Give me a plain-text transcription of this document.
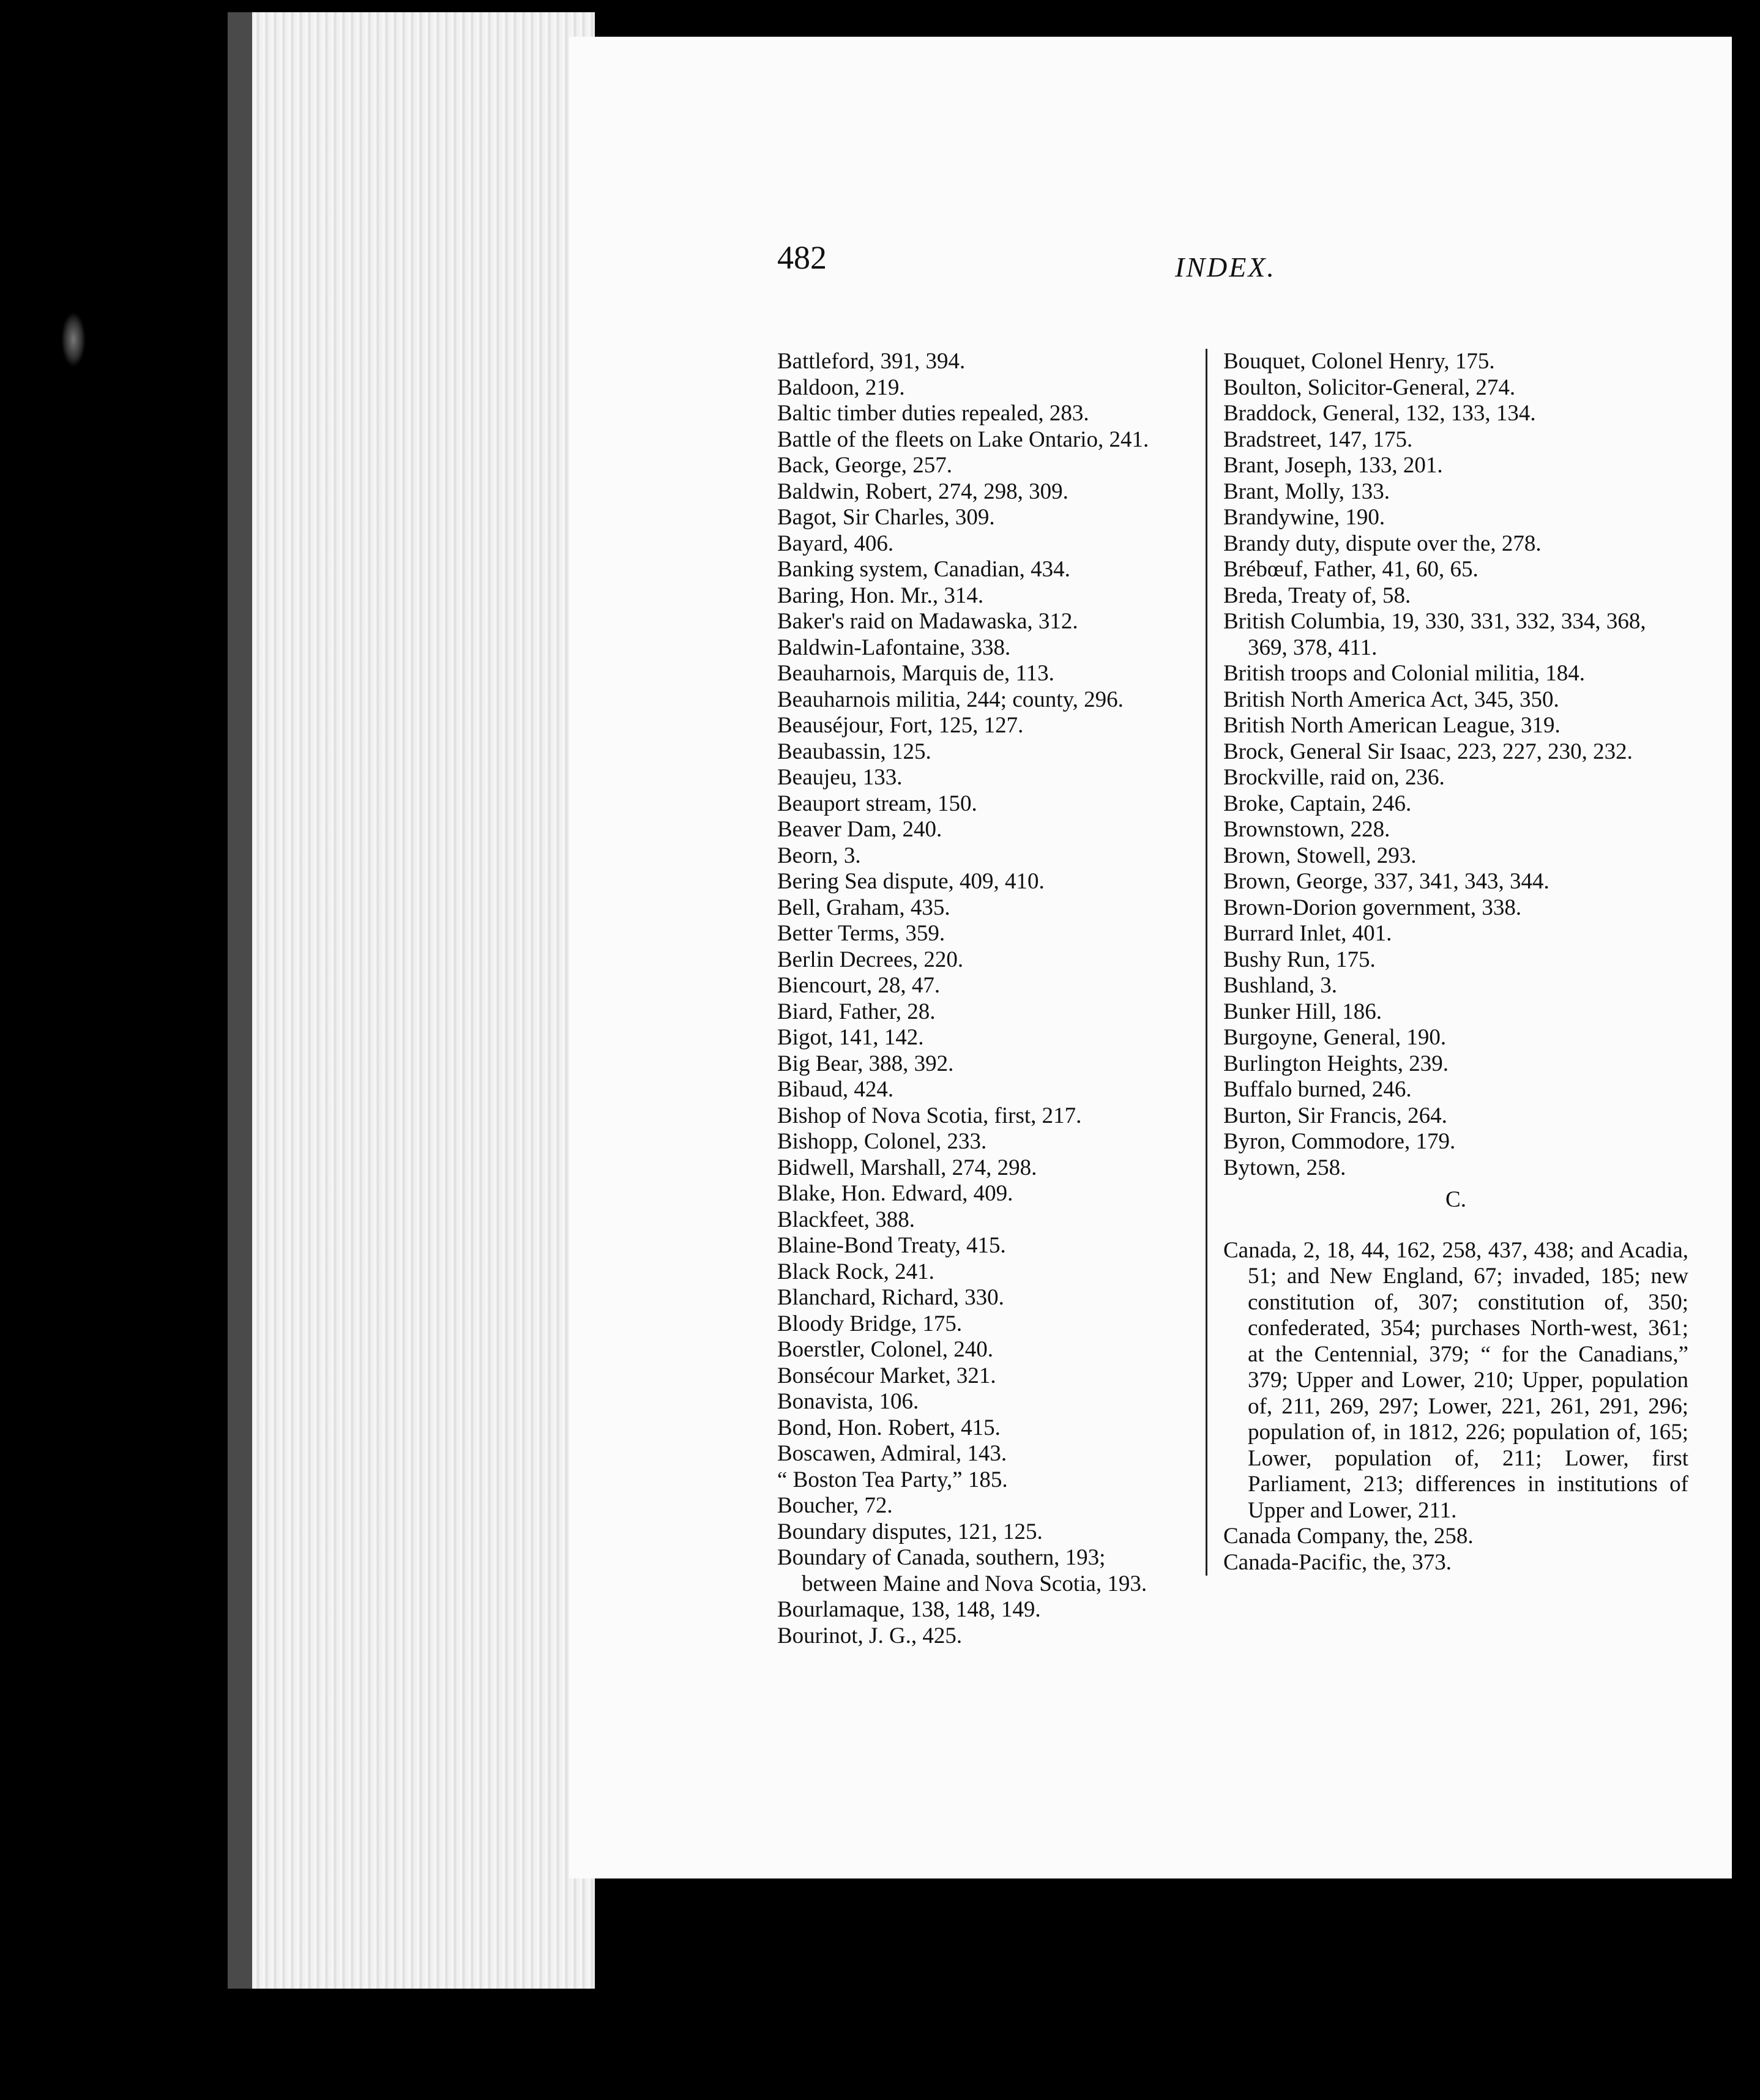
482	INDEX.
Battleford, 391, 394.
Baldoon, 219.
Baltic timber duties repealed, 283.
Battle of the fleets on Lake Ontario, 241.
Back, George, 257.
Baldwin, Robert, 274, 298, 309.
Bagot, Sir Charles, 309.
Bayard, 406.
Banking system, Canadian, 434.
Baring, Hon. Mr., 314.
Baker's raid on Madawaska, 312.
Baldwin-Lafontaine, 338.
Beauharnois, Marquis de, 113.
Beauharnois militia, 244; county, 296.
Beauséjour, Fort, 125, 127.
Beaubassin, 125.
Beaujeu, 133.
Beauport stream, 150.
Beaver Dam, 240.
Beorn, 3.
Bering Sea dispute, 409, 410.
Bell, Graham, 435.
Better Terms, 359.
Berlin Decrees, 220.
Biencourt, 28, 47.
Biard, Father, 28.
Bigot, 141, 142.
Big Bear, 388, 392.
Bibaud, 424.
Bishop of Nova Scotia, first, 217.
Bishopp, Colonel, 233.
Bidwell, Marshall, 274, 298.
Blake, Hon. Edward, 409.
Blackfeet, 388.
Blaine-Bond Treaty, 415.
Black Rock, 241.
Blanchard, Richard, 330.
Bloody Bridge, 175.
Boerstler, Colonel, 240.
Bonsécour Market, 321.
Bonavista, 106.
Bond, Hon. Robert, 415.
Boscawen, Admiral, 143.
“ Boston Tea Party,” 185.
Boucher, 72.
Boundary disputes, 121, 125.
Boundary of Canada, southern, 193; between Maine and Nova Scotia, 193.
Bourlamaque, 138, 148, 149.
Bourinot, J. G., 425.
Bouquet, Colonel Henry, 175.
Boulton, Solicitor-General, 274.
Braddock, General, 132, 133, 134.
Bradstreet, 147, 175.
Brant, Joseph, 133, 201.
Brant, Molly, 133.
Brandywine, 190.
Brandy duty, dispute over the, 278.
Brébœuf, Father, 41, 60, 65.
Breda, Treaty of, 58.
British Columbia, 19, 330, 331, 332, 334, 368, 369, 378, 411.
British troops and Colonial militia, 184.
British North America Act, 345, 350.
British North American League, 319.
Brock, General Sir Isaac, 223, 227, 230, 232.
Brockville, raid on, 236.
Broke, Captain, 246.
Brownstown, 228.
Brown, Stowell, 293.
Brown, George, 337, 341, 343, 344.
Brown-Dorion government, 338.
Burrard Inlet, 401.
Bushy Run, 175.
Bushland, 3.
Bunker Hill, 186.
Burgoyne, General, 190.
Burlington Heights, 239.
Buffalo burned, 246.
Burton, Sir Francis, 264.
Byron, Commodore, 179.
Bytown, 258.
C.
Canada, 2, 18, 44, 162, 258, 437, 438; and Acadia, 51; and New England, 67; invaded, 185; new constitution of, 307; constitution of, 350; confederated, 354; purchases North-west, 361; at the Centennial, 379; “ for the Canadians,” 379; Upper and Lower, 210; Upper, population of, 211, 269, 297; Lower, 221, 261, 291, 296; population of, in 1812, 226; population of, 165; Lower, population of, 211; Lower, first Parliament, 213; differences in institutions of Upper and Lower, 211.
Canada Company, the, 258.
Canada-Pacific, the, 373.
